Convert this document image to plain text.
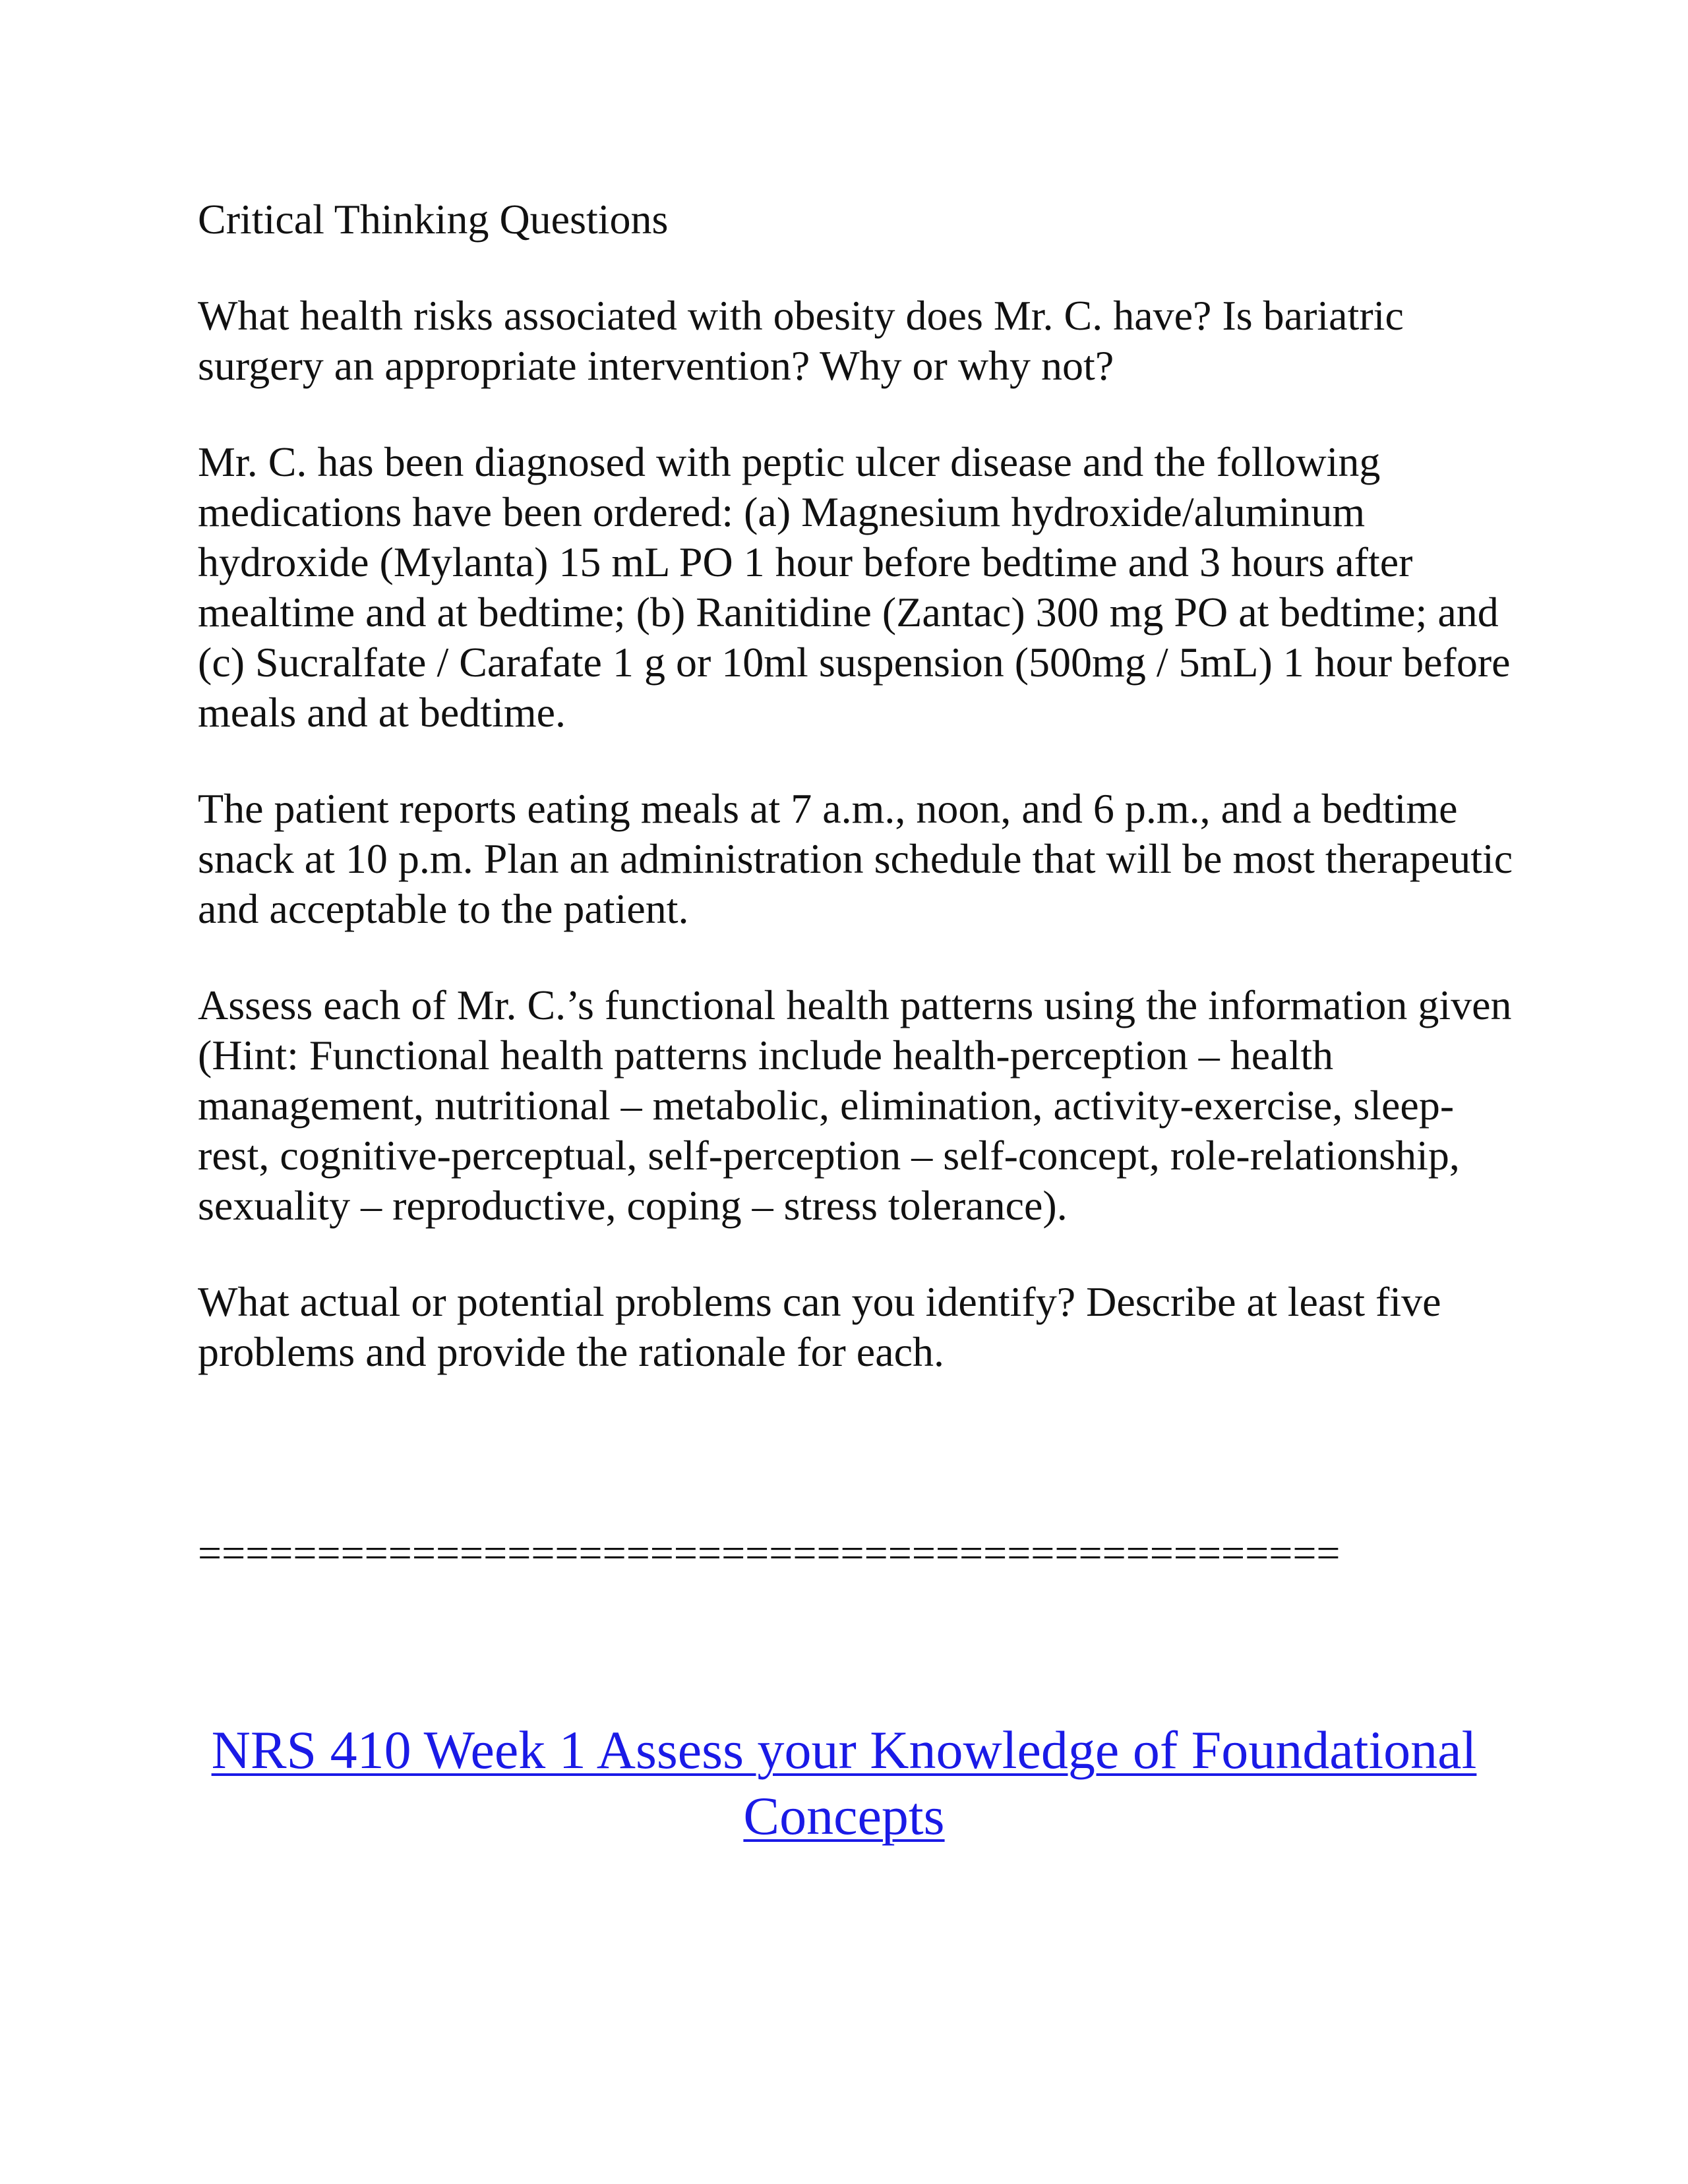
Critical Thinking Questions

What health risks associated with obesity does Mr. C. have? Is bariatric surgery an appropriate intervention? Why or why not?

Mr. C. has been diagnosed with peptic ulcer disease and the following medications have been ordered: (a) Magnesium hydroxide/aluminum hydroxide (Mylanta) 15 mL PO 1 hour before bedtime and 3 hours after mealtime and at bedtime; (b) Ranitidine (Zantac) 300 mg PO at bedtime; and (c) Sucralfate / Carafate 1 g or 10ml suspension (500mg / 5mL) 1 hour before meals and at bedtime.

The patient reports eating meals at 7 a.m., noon, and 6 p.m., and a bedtime snack at 10 p.m. Plan an administration schedule that will be most therapeutic and acceptable to the patient.

Assess each of Mr. C.’s functional health patterns using the information given (Hint: Functional health patterns include health-perception – health management, nutritional – metabolic, elimination, activity-exercise, sleep-rest, cognitive-perceptual, self-perception – self-concept, role-relationship, sexuality – reproductive, coping – stress tolerance).

What actual or potential problems can you identify? Describe at least five problems and provide the rationale for each.

================================================
NRS 410 Week 1 Assess your Knowledge of Foundational Concepts
